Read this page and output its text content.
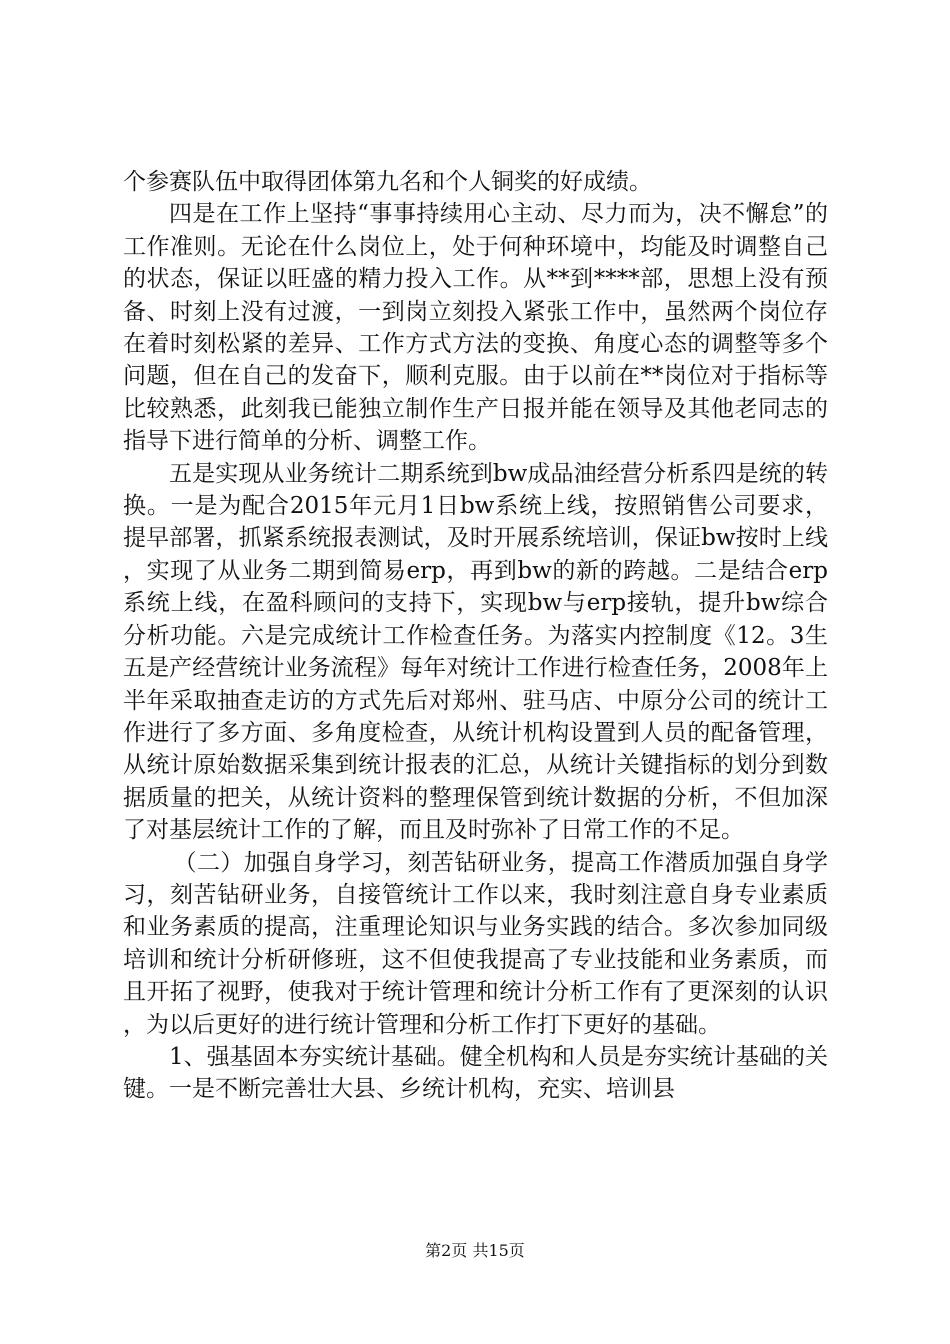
个参赛队伍中取得团体第九名和个人铜奖的好成绩。

四是在工作上坚持“事事持续用心主动、尽力而为，决不懈怠”的工作准则。无论在什么岗位上，处于何种环境中，均能及时调整自己的状态，保证以旺盛的精力投入工作。从**到****部，思想上没有预备、时刻上没有过渡，一到岗立刻投入紧张工作中，虽然两个岗位存在着时刻松紧的差异、工作方式方法的变换、角度心态的调整等多个问题，但在自己的发奋下，顺利克服。由于以前在**岗位对于指标等比较熟悉，此刻我已能独立制作生产日报并能在领导及其他老同志的指导下进行简单的分析、调整工作。

五是实现从业务统计二期系统到bw成品油经营分析系四是统的转换。一是为配合2015年元月1日bw系统上线，按照销售公司要求，提早部署，抓紧系统报表测试，及时开展系统培训，保证bw按时上线，实现了从业务二期到简易erp，再到bw的新的跨越。二是结合erp系统上线，在盈科顾问的支持下，实现bw与erp接轨，提升bw综合分析功能。六是完成统计工作检查任务。为落实内控制度《12。3生五是产经营统计业务流程》每年对统计工作进行检查任务，2008年上半年采取抽查走访的方式先后对郑州、驻马店、中原分公司的统计工作进行了多方面、多角度检查，从统计机构设置到人员的配备管理，从统计原始数据采集到统计报表的汇总，从统计关键指标的划分到数据质量的把关，从统计资料的整理保管到统计数据的分析，不但加深了对基层统计工作的了解，而且及时弥补了日常工作的不足。

（二）加强自身学习，刻苦钻研业务，提高工作潜质加强自身学习，刻苦钻研业务，自接管统计工作以来，我时刻注意自身专业素质和业务素质的提高，注重理论知识与业务实践的结合。多次参加同级培训和统计分析研修班，这不但使我提高了专业技能和业务素质，而且开拓了视野，使我对于统计管理和统计分析工作有了更深刻的认识，为以后更好的进行统计管理和分析工作打下更好的基础。

1、强基固本夯实统计基础。健全机构和人员是夯实统计基础的关键。一是不断完善壮大县、乡统计机构，充实、培训县

第2页 共15页
